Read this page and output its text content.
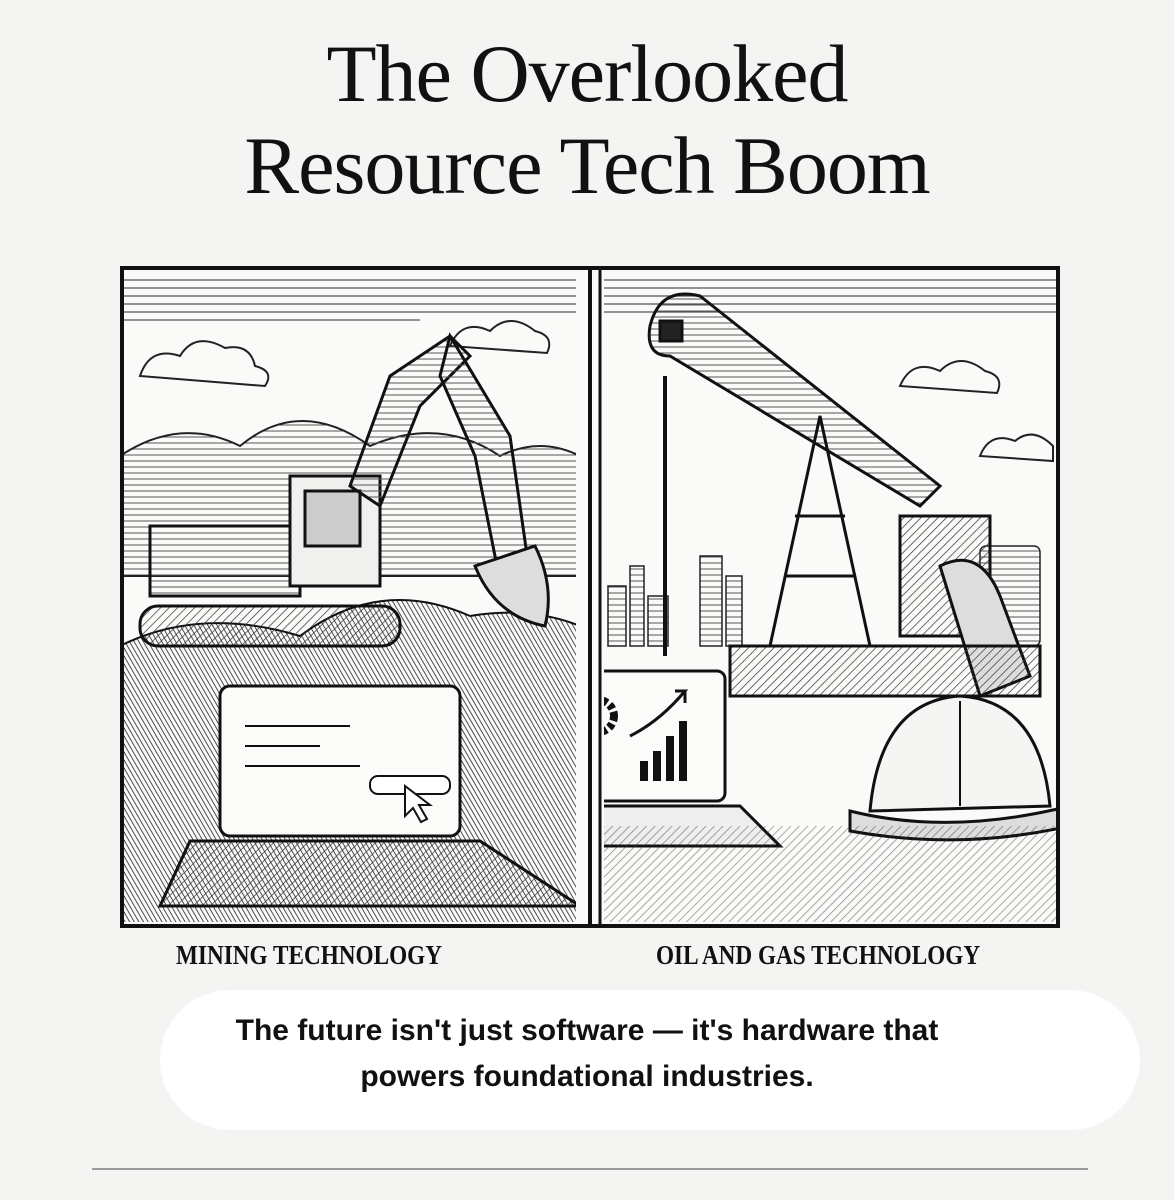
The Overlooked
Resource Tech Boom
MINING TECHNOLOGY	OIL AND GAS TECHNOLOGY
The future isn't just software — it's hardware that
powers foundational industries.
